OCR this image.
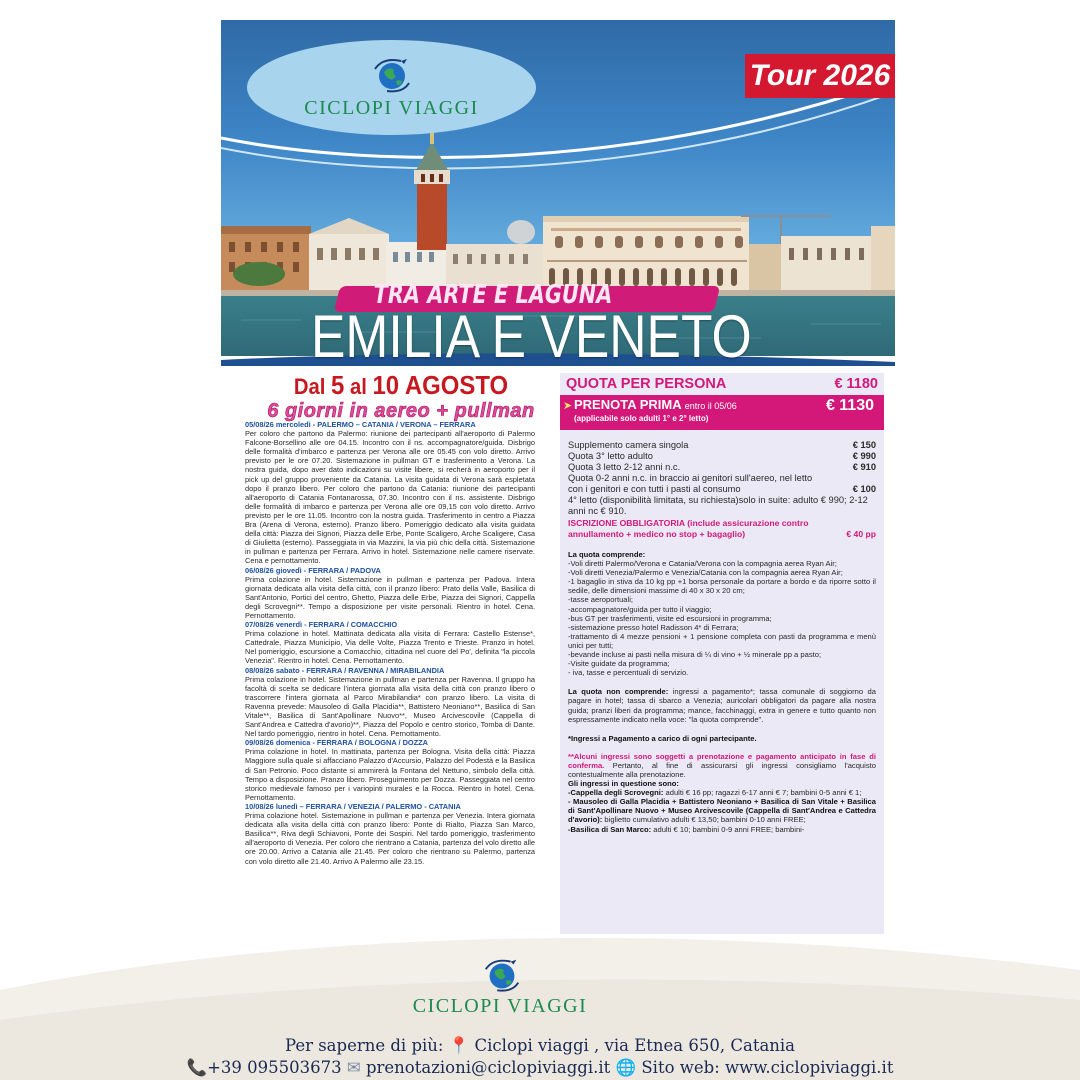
CICLOPI VIAGGI
Tour 2026
TRA ARTE E LAGUNA
EMILIA E VENETO
Dal 5 al 10 AGOSTO
6 giorni in aereo + pullman
05/08/26 mercoledì - PALERMO – CATANIA / VERONA – FERRARA
Per coloro che partono da Palermo: riunione dei partecipanti all'aeroporto di Palermo Falcone-Borsellino alle ore 04.15. Incontro con il ns. accompagnatore/guida. Disbrigo delle formalità d'imbarco e partenza per Verona alle ore 05.45 con volo diretto. Arrivo previsto per le ore 07.20. Sistemazione in pullman GT e trasferimento a Verona. La nostra guida, dopo aver dato indicazioni su visite libere, si recherà in aeroporto per il pick up del gruppo proveniente da Catania. La visita guidata di Verona sarà espletata dopo il pranzo libero. Per coloro che partono da Catania: riunione dei partecipanti all'aeroporto di Catania Fontanarossa, 07.30. Incontro con il ns. assistente. Disbrigo delle formalità di imbarco e partenza per Verona alle ore 09,15 con volo diretto. Arrivo previsto per le ore 11.05. Incontro con la nostra guida. Trasferimento in centro a Piazza Bra (Arena di Verona, esterno). Pranzo libero. Pomeriggio dedicato alla visita guidata della città: Piazza dei Signori, Piazza delle Erbe, Ponte Scaligero, Arche Scaligere, Casa di Giulietta (esterno). Passeggiata in via Mazzini, la via più chic della città. Sistemazione in pullman e partenza per Ferrara. Arrivo in hotel. Sistemazione nelle camere riservate. Cena e pernottamento.
06/08/26 giovedì - FERRARA / PADOVA
Prima colazione in hotel. Sistemazione in pullman e partenza per Padova. Intera giornata dedicata alla visita della città, con il pranzo libero: Prato della Valle, Basilica di Sant'Antonio, Portici del centro, Ghetto, Piazza delle Erbe, Piazza dei Signori, Cappella degli Scrovegni**. Tempo a disposizione per visite personali. Rientro in hotel. Cena. Pernottamento.
07/08/26 venerdì - FERRARA / COMACCHIO
Prima colazione in hotel. Mattinata dedicata alla visita di Ferrara: Castello Estense*, Cattedrale, Piazza Municipio, Via delle Volte, Piazza Trento e Trieste. Pranzo in hotel. Nel pomeriggio, escursione a Comacchio, cittadina nel cuore del Po', definita "la piccola Venezia". Rientro in hotel. Cena. Pernottamento.
08/08/26 sabato - FERRARA / RAVENNA / MIRABILANDIA
Prima colazione in hotel. Sistemazione in pullman e partenza per Ravenna. Il gruppo ha facoltà di scelta se dedicare l'intera giornata alla visita della città con pranzo libero o trascorrere l'intera giornata al Parco Mirabilandia* con pranzo libero. La visita di Ravenna prevede: Mausoleo di Galla Placidia**, Battistero Neoniano**, Basilica di San Vitale**, Basilica di Sant'Apollinare Nuovo**, Museo Arcivescovile (Cappella di Sant'Andrea e Cattedra d'avorio)**, Piazza del Popolo e centro storico, Tomba di Dante. Nel tardo pomeriggio, rientro in hotel. Cena. Pernottamento.
09/08/26 domenica - FERRARA / BOLOGNA / DOZZA
Prima colazione in hotel. In mattinata, partenza per Bologna. Visita della città: Piazza Maggiore sulla quale si affacciano Palazzo d'Accursio, Palazzo del Podestà e la Basilica di San Petronio. Poco distante si ammirerà la Fontana del Nettuno, simbolo della città. Tempo a disposizione. Pranzo libero. Proseguimento per Dozza. Passeggiata nel centro storico medievale famoso per i variopinti murales e la Rocca. Rientro in hotel. Cena. Pernottamento.
10/08/26 lunedì – FERRARA / VENEZIA / PALERMO - CATANIA
Prima colazione hotel. Sistemazione in pullman e partenza per Venezia. Intera giornata dedicata alla visita della città con pranzo libero: Ponte di Rialto, Piazza San Marco, Basilica**, Riva degli Schiavoni, Ponte dei Sospiri. Nel tardo pomeriggio, trasferimento all'aeroporto di Venezia. Per coloro che rientrano a Catania, partenza del volo diretto alle ore 20.00. Arrivo a Catania alle 21.45. Per coloro che rientrano su Palermo, partenza con volo diretto alle 21.40. Arrivo A Palermo alle 23.15.
QUOTA PER PERSONA	€ 1180
➤ PRENOTA PRIMA entro il 05/06
(applicabile solo adulti 1° e 2° letto)
€ 1130
Supplemento camera singola	€ 150
Quota 3° letto adulto	€ 990
Quota 3 letto 2-12 anni n.c.	€ 910
Quota 0-2 anni n.c. in braccio ai genitori sull'aereo, nel letto con i genitori e con tutti i pasti al consumo	€ 100
4° letto (disponibilità limitata, su richiesta)solo in suite: adulto € 990; 2-12 anni nc € 910.
ISCRIZIONE OBBLIGATORIA (include assicurazione contro annullamento + medico no stop + bagaglio)	€ 40 pp
La quota comprende:
-Voli diretti Palermo/Verona e Catania/Verona con la compagnia aerea Ryan Air;
-Voli diretti Venezia/Palermo e Venezia/Catania con la compagnia aerea Ryan Air;
-1 bagaglio in stiva da 10 kg pp +1 borsa personale da portare a bordo e da riporre sotto il sedile, delle dimensioni massime di 40 x 30 x 20 cm;
-tasse aeroportuali;
-accompagnatore/guida per tutto il viaggio;
-bus GT per trasferimenti, visite ed escursioni in programma;
-sistemazione presso hotel Radisson 4* di Ferrara;
-trattamento di 4 mezze pensioni + 1 pensione completa con pasti da programma e menù unici per tutti;
-bevande incluse ai pasti nella misura di ¼ di vino + ½ minerale pp a pasto;
-Visite guidate da programma;
- iva, tasse e percentuali di servizio.
La quota non comprende: ingressi a pagamento*; tassa comunale di soggiorno da pagare in hotel; tassa di sbarco a Venezia; auricolari obbligatori da pagare alla nostra guida; pranzi liberi da programma; mance, facchinaggi, extra in genere e tutto quanto non espressamente indicato nella voce: "la quota comprende".
*Ingressi a Pagamento a carico di ogni partecipante.
**Alcuni ingressi sono soggetti a prenotazione e pagamento anticipato in fase di conferma. Pertanto, al fine di assicurarsi gli ingressi consigliamo l'acquisto contestualmente alla prenotazione.
Gli ingressi in questione sono:
-Cappella degli Scrovegni: adulti € 16 pp; ragazzi 6-17 anni € 7; bambini 0-5 anni € 1;
- Mausoleo di Galla Placidia + Battistero Neoniano + Basilica di San Vitale + Basilica di Sant'Apollinare Nuovo + Museo Arcivescovile (Cappella di Sant'Andrea e Cattedra d'avorio): biglietto cumulativo adulti € 13,50; bambini 0-10 anni FREE;
-Basilica di San Marco: adulti € 10; bambini 0-9 anni FREE; bambini-
CICLOPI VIAGGI
Per saperne di più: 📍 Ciclopi viaggi , via Etnea 650, Catania
📞+39 095503673 ✉ prenotazioni@ciclopiviaggi.it 🌐 Sito web: www.ciclopiviaggi.it
